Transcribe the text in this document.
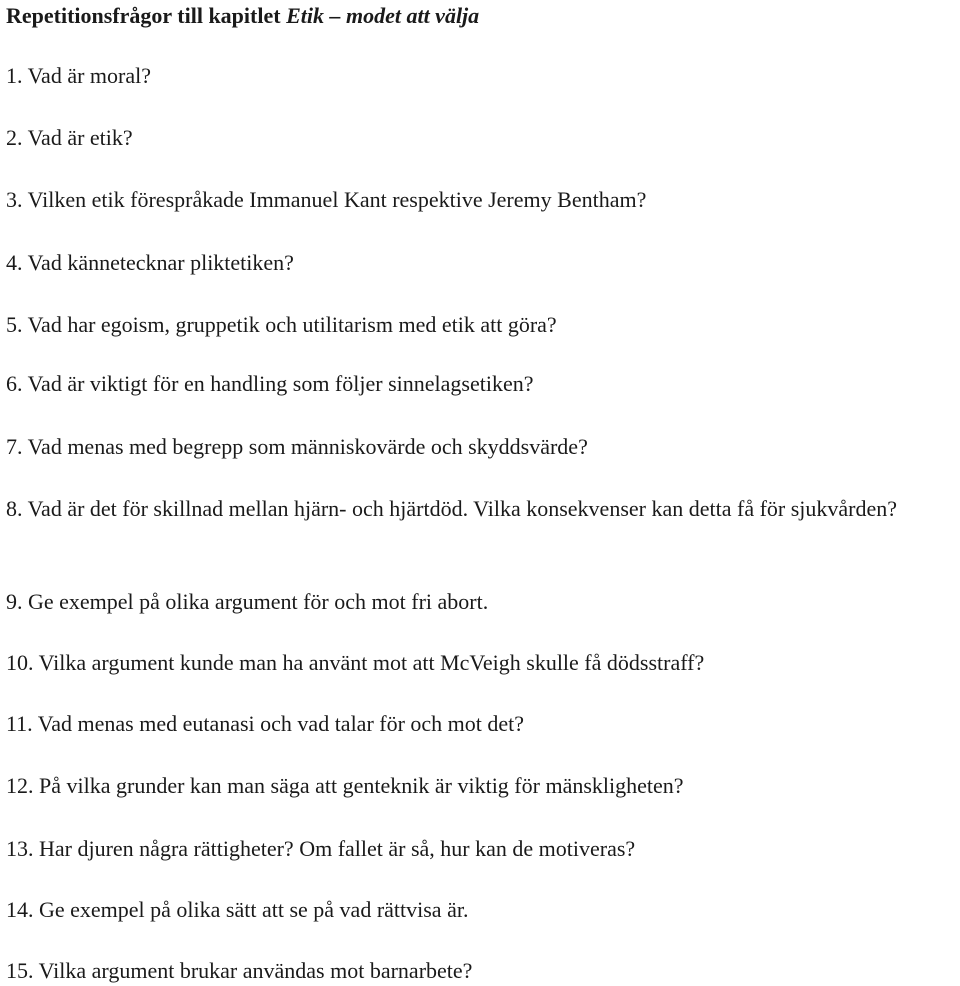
Repetitionsfrågor till kapitlet Etik – modet att välja
1. Vad är moral?
2. Vad är etik?
3. Vilken etik förespråkade Immanuel Kant respektive Jeremy Bentham?
4. Vad kännetecknar pliktetiken?
5. Vad har egoism, gruppetik och utilitarism med etik att göra?
6. Vad är viktigt för en handling som följer sinnelagsetiken?
7. Vad menas med begrepp som människovärde och skyddsvärde?
8. Vad är det för skillnad mellan hjärn- och hjärtdöd. Vilka konsekvenser kan detta få för sjukvården?
9. Ge exempel på olika argument för och mot fri abort.
10. Vilka argument kunde man ha använt mot att McVeigh skulle få dödsstraff?
11. Vad menas med eutanasi och vad talar för och mot det?
12. På vilka grunder kan man säga att genteknik är viktig för mänskligheten?
13. Har djuren några rättigheter? Om fallet är så, hur kan de motiveras?
14. Ge exempel på olika sätt att se på vad rättvisa är.
15. Vilka argument brukar användas mot barnarbete?
